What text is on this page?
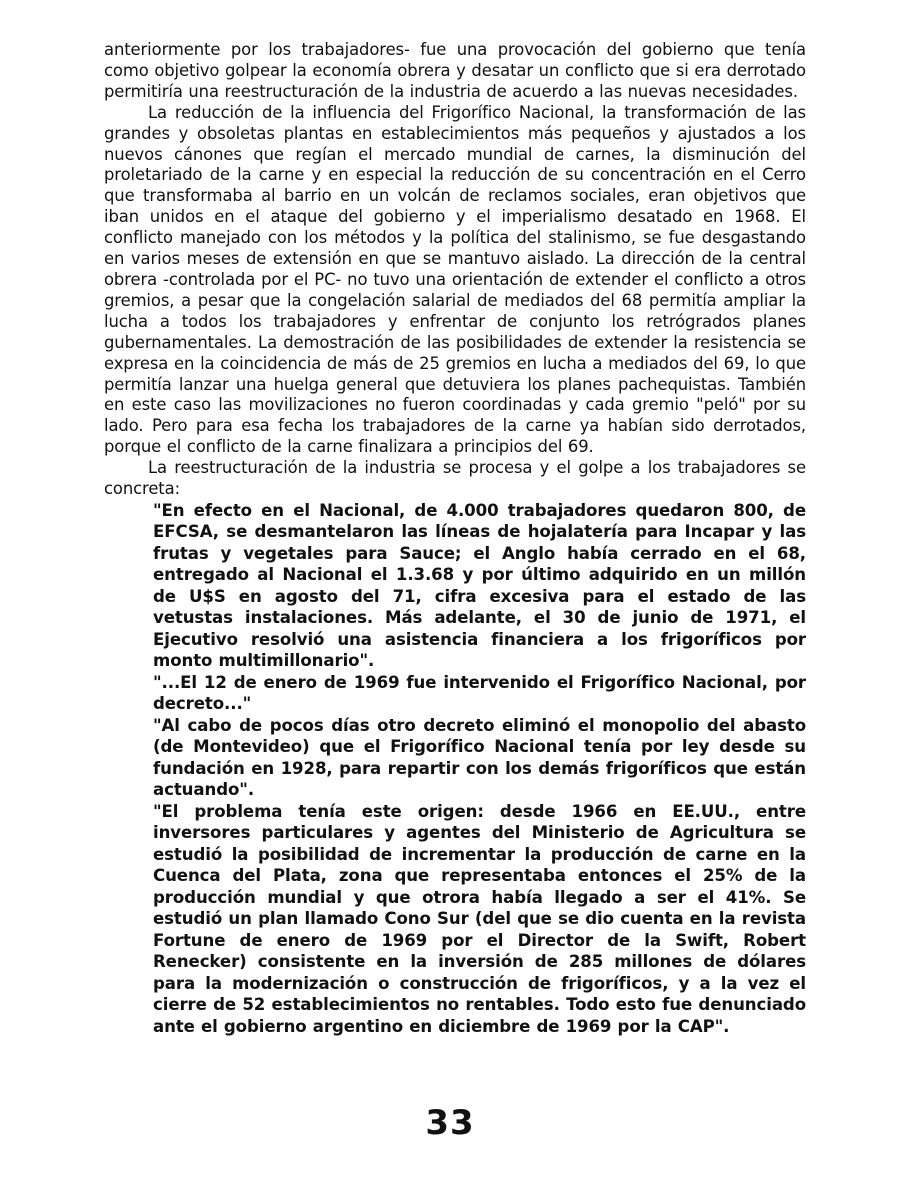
anteriormente por los trabajadores- fue una provocación del gobierno que tenía como objetivo golpear la economía obrera y desatar un conflicto que si era derrotado permitiría una reestructuración de la industria de acuerdo a las nuevas necesidades.

La reducción de la influencia del Frigorífico Nacional, la transformación de las grandes y obsoletas plantas en establecimientos más pequeños y ajustados a los nuevos cánones que regían el mercado mundial de carnes, la disminución del proletariado de la carne y en especial la reducción de su concentración en el Cerro que transformaba al barrio en un volcán de reclamos sociales, eran objetivos que iban unidos en el ataque del gobierno y el imperialismo desatado en 1968. El conflicto manejado con los métodos y la política del stalinismo, se fue desgastando en varios meses de extensión en que se mantuvo aislado. La dirección de la central obrera -controlada por el PC- no tuvo una orientación de extender el conflicto a otros gremios, a pesar que la congelación salarial de mediados del 68 permitía ampliar la lucha a todos los trabajadores y enfrentar de conjunto los retrógrados planes gubernamentales. La demostración de las posibilidades de extender la resistencia se expresa en la coincidencia de más de 25 gremios en lucha a mediados del 69, lo que permitía lanzar una huelga general que detuviera los planes pachequistas. También en este caso las movilizaciones no fueron coordinadas y cada gremio "peló" por su lado. Pero para esa fecha los trabajadores de la carne ya habían sido derrotados, porque el conflicto de la carne finalizara a principios del 69.

La reestructuración de la industria se procesa y el golpe a los trabajadores se concreta:

"En efecto en el Nacional, de 4.000 trabajadores quedaron 800, de EFCSA, se desmantelaron las líneas de hojalatería para Incapar y las frutas y vegetales para Sauce; el Anglo había cerrado en el 68, entregado al Nacional el 1.3.68 y por último adquirido en un millón de U$S en agosto del 71, cifra excesiva para el estado de las vetustas instalaciones. Más adelante, el 30 de junio de 1971, el Ejecutivo resolvió una asistencia financiera a los frigoríficos por monto multimillonario".

"...El 12 de enero de 1969 fue intervenido el Frigorífico Nacional, por decreto..."

"Al cabo de pocos días otro decreto eliminó el monopolio del abasto (de Montevideo) que el Frigorífico Nacional tenía por ley desde su fundación en 1928, para repartir con los demás frigoríficos que están actuando".

"El problema tenía este origen: desde 1966 en EE.UU., entre inversores particulares y agentes del Ministerio de Agricultura se estudió la posibilidad de incrementar la producción de carne en la Cuenca del Plata, zona que representaba entonces el 25% de la producción mundial y que otrora había llegado a ser el 41%. Se estudió un plan llamado Cono Sur (del que se dio cuenta en la revista Fortune de enero de 1969 por el Director de la Swift, Robert Renecker) consistente en la inversión de 285 millones de dólares para la modernización o construcción de frigoríficos, y a la vez el cierre de 52 establecimientos no rentables. Todo esto fue denunciado ante el gobierno argentino en diciembre de 1969 por la CAP".

33
